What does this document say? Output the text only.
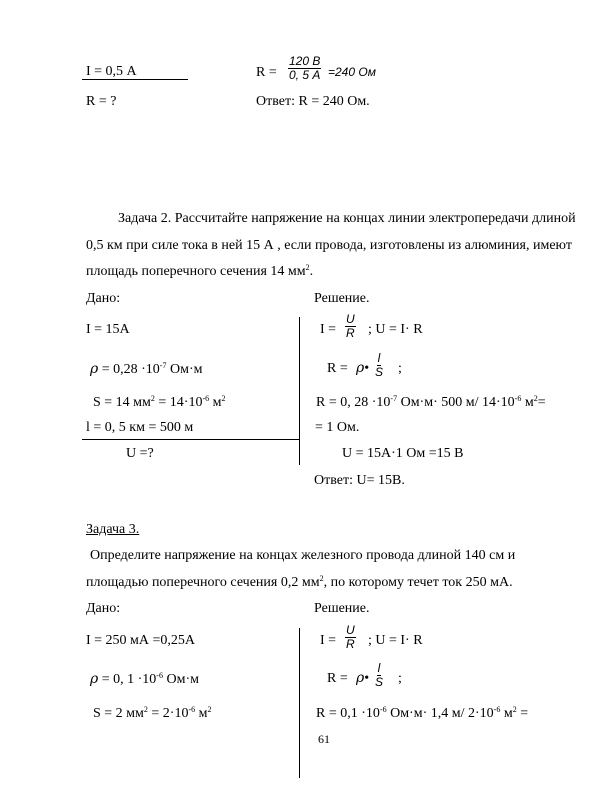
I = 0,5 А
R = ?
R =
120 В
0, 5 А =240 Ом
Ответ: R = 240 Ом.
Задача 2. Рассчитайте напряжение на концах линии электропередачи длиной
0,5 км при силе тока в ней 15 А , если провода, изготовлены из алюминия, имеют
площадь поперечного сечения 14 $мм^2$.
Дано:	Решение.
I = 15А
$\rho = 0,28 \cdot 10^{-7}$ Ом·м
S = 14 $мм^2 = 14\cdot 10^{-6}$ $м^2$
l = 0, 5 км = 500 м
U =?
$I = \frac{U}{R}$ ; U = I· R
R = ρ• $\frac{l}{S}$ ;
R = 0, $28 \cdot 10^{-7}$ Ом·м· 500 м/ $14\cdot 10^{-6}$ $м^2=$
= 1 Ом.
U = 15А·1 Ом =15 В
Ответ: U= 15В.
Задача 3.
Определите напряжение на концах железного провода длиной 140 см и
площадью поперечного сечения 0,2 $мм^2$, по которому течет ток 250 мА.
Дано:	Решение.
I = 250 мА =0,25А
ρ = 0, $1 \cdot 10^{-6}$ Ом·м
S = 2 $мм^2 = 2\cdot 10^{-6}$ $м^2$
$I = \frac{U}{R}$ ; U = I· R
R = ρ• $\frac{l}{S}$ ;
$R = 0,1 \cdot 10^{-6}$ Ом·м· 1,4 м/ $2\cdot 10^{-6}$ $м^2$ =
61
